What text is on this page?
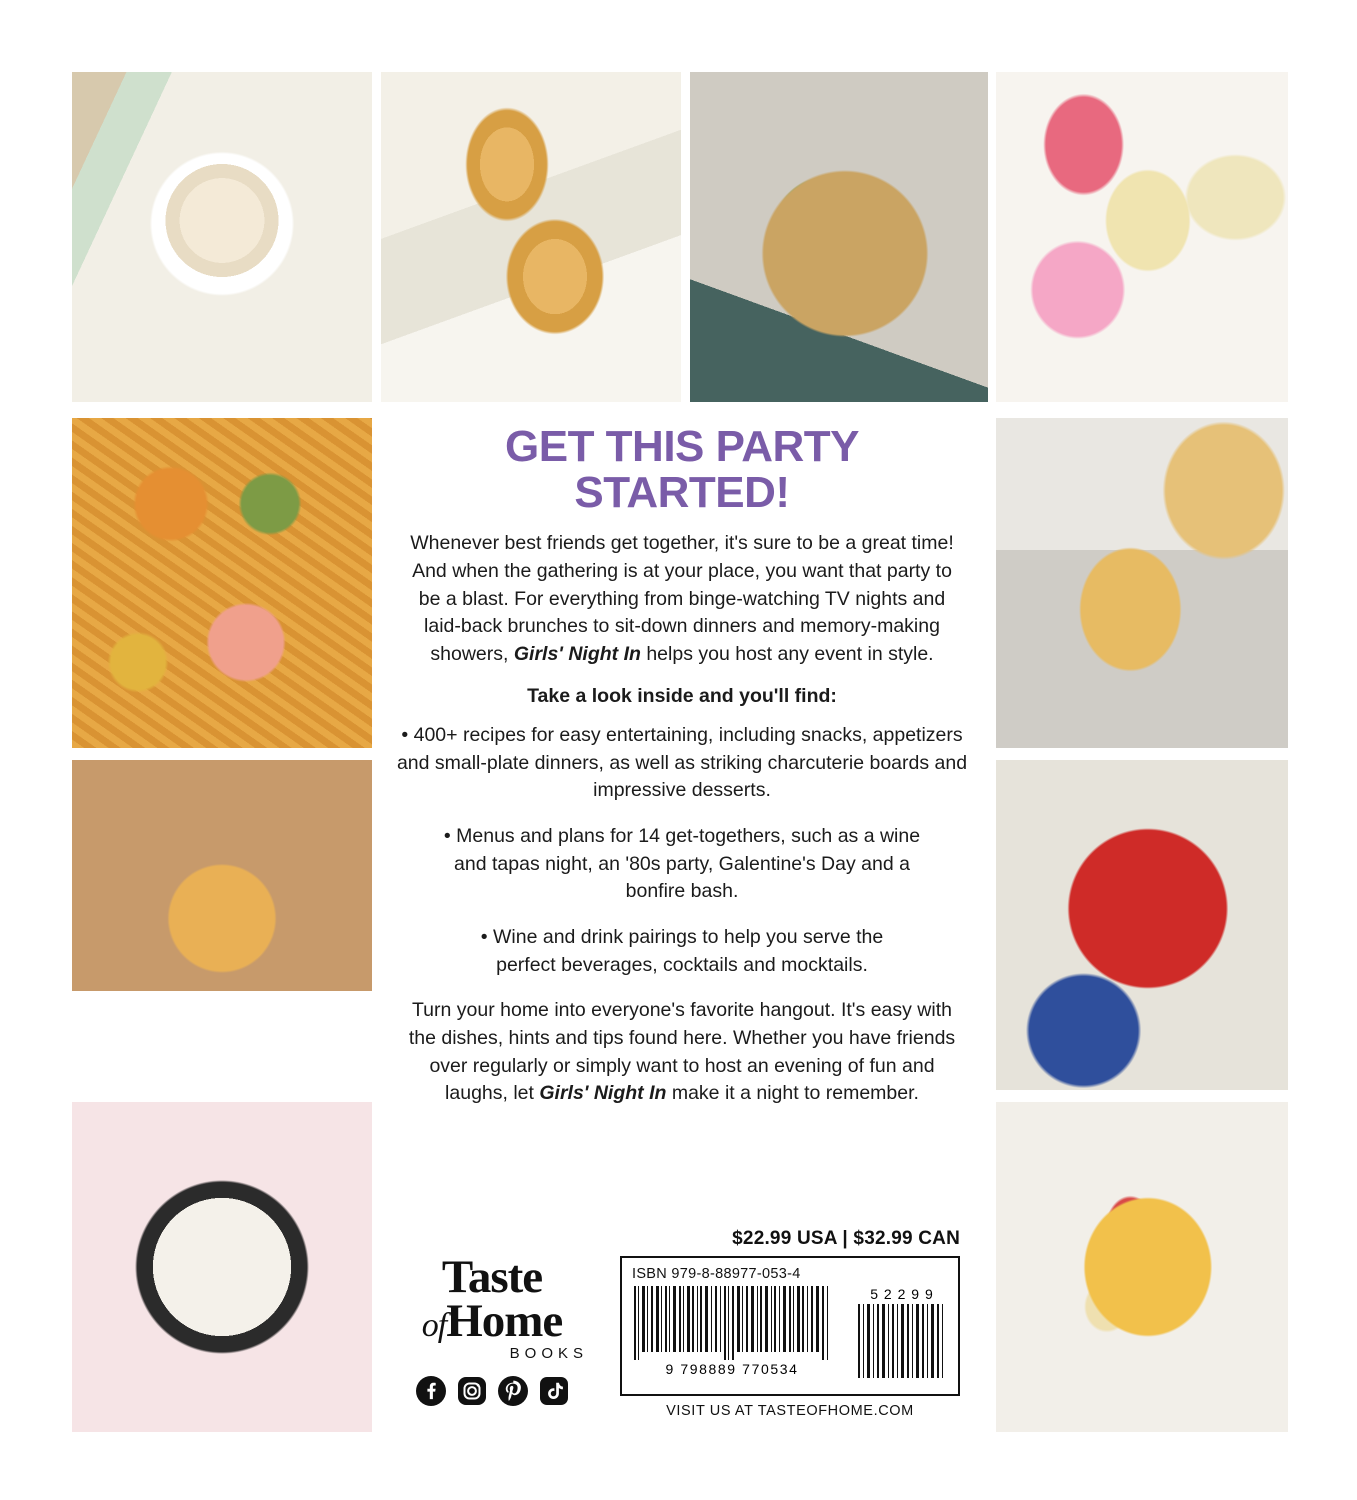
GET THIS PARTY STARTED!

Whenever best friends get together, it's sure to be a great time! And when the gathering is at your place, you want that party to be a blast. For everything from binge-watching TV nights and laid-back brunches to sit-down dinners and memory-making showers, Girls' Night In helps you host any event in style.

Take a look inside and you'll find:

• 400+ recipes for easy entertaining, including snacks, appetizers and small-plate dinners, as well as striking charcuterie boards and impressive desserts.

• Menus and plans for 14 get-togethers, such as a wine and tapas night, an '80s party, Galentine's Day and a bonfire bash.

• Wine and drink pairings to help you serve the perfect beverages, cocktails and mocktails.

Turn your home into everyone's favorite hangout. It's easy with the dishes, hints and tips found here. Whether you have friends over regularly or simply want to host an evening of fun and laughs, let Girls' Night In make it a night to remember.

Taste
ofHome
BOOKS
$22.99 USA | $32.99 CAN
ISBN 979-8-88977-053-4
9 798889 770534
5 2 2 9 9
VISIT US AT TASTEOFHOME.COM
